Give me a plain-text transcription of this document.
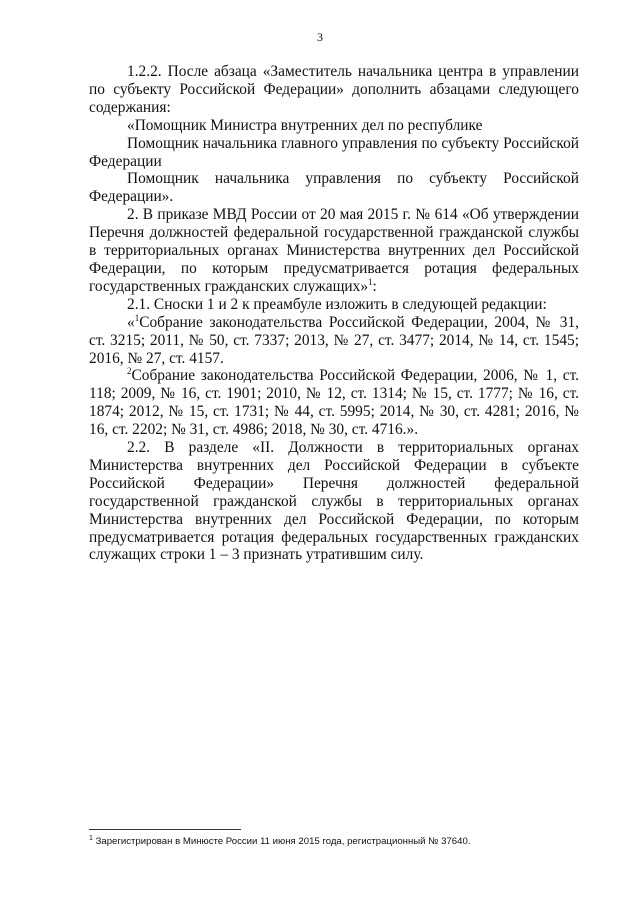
3

1.2.2. После абзаца «Заместитель начальника центра в управлении по субъекту Российской Федерации» дополнить абзацами следующего содержания:

«Помощник Министра внутренних дел по республике

Помощник начальника главного управления по субъекту Российской Федерации

Помощник начальника управления по субъекту Российской Федерации».

2. В приказе МВД России от 20 мая 2015 г. № 614 «Об утверждении Перечня должностей федеральной государственной гражданской службы в территориальных органах Министерства внутренних дел Российской Федерации, по которым предусматривается ротация федеральных государственных гражданских служащих»$^1$:

2.1. Сноски 1 и 2 к преамбуле изложить в следующей редакции:

«$^1$Собрание законодательства Российской Федерации, 2004, № 31, ст. 3215; 2011, № 50, ст. 7337; 2013, № 27, ст. 3477; 2014, № 14, ст. 1545; 2016, № 27, ст. 4157.

$^2$Собрание законодательства Российской Федерации, 2006, № 1, ст. 118; 2009, № 16, ст. 1901; 2010, № 12, ст. 1314; № 15, ст. 1777; № 16, ст. 1874; 2012, № 15, ст. 1731; № 44, ст. 5995; 2014, № 30, ст. 4281; 2016, № 16, ст. 2202; № 31, ст. 4986; 2018, № 30, ст. 4716.».

2.2. В разделе «II. Должности в территориальных органах Министерства внутренних дел Российской Федерации в субъекте Российской Федерации» Перечня должностей федеральной государственной гражданской службы в территориальных органах Министерства внутренних дел Российской Федерации, по которым предусматривается ротация федеральных государственных гражданских служащих строки 1 – 3 признать утратившим силу.

$^1$ Зарегистрирован в Минюсте России 11 июня 2015 года, регистрационный № 37640.
